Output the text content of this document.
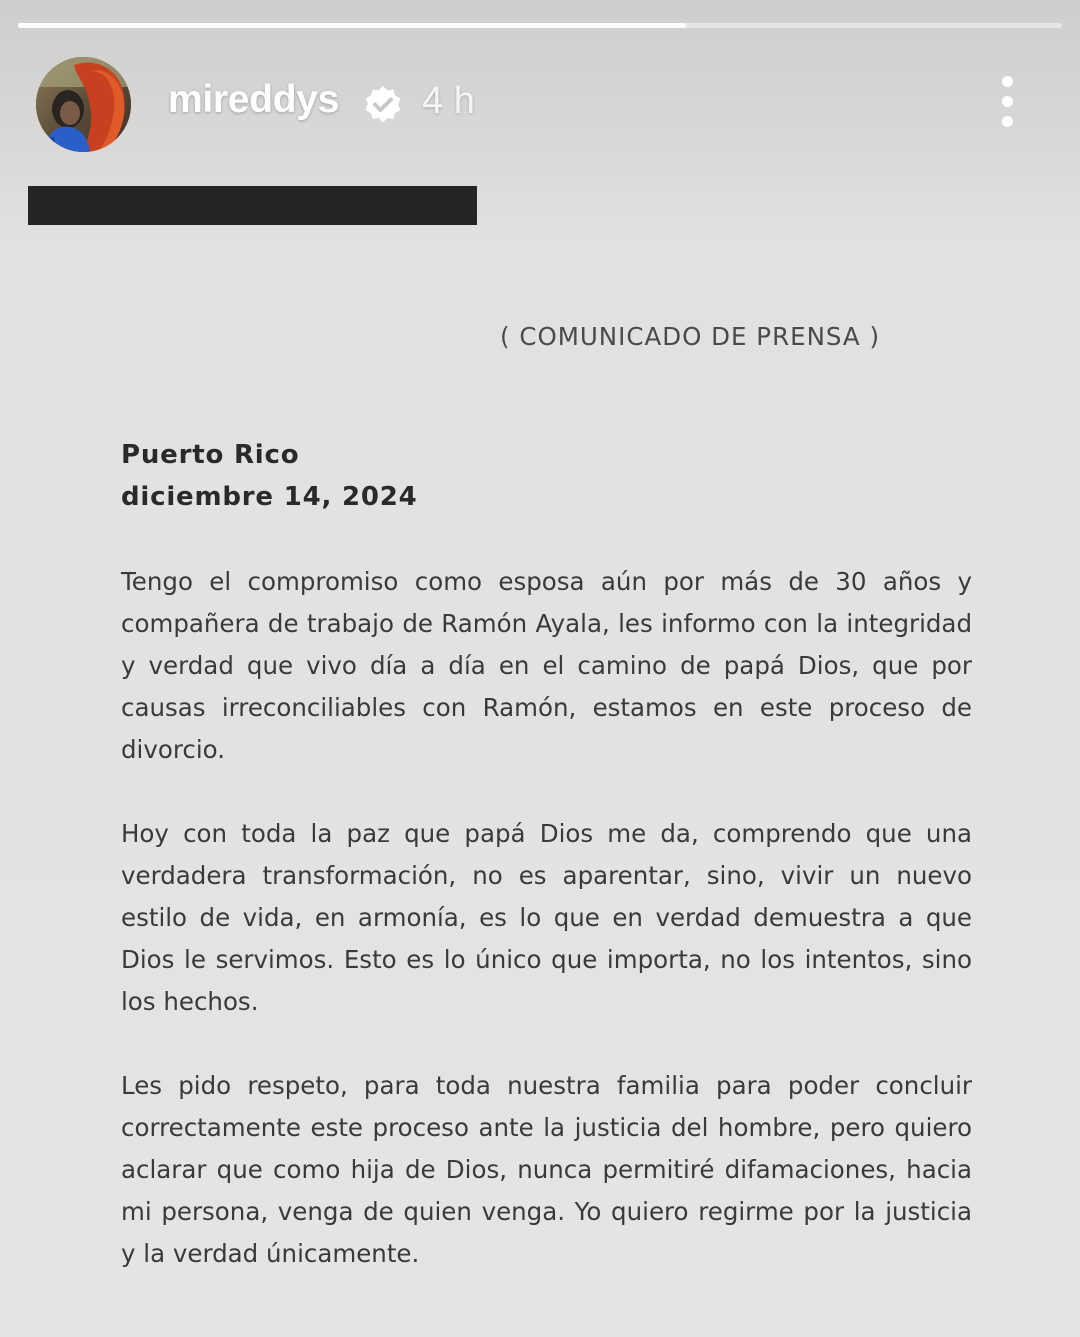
mireddys 4 h
( COMUNICADO DE PRENSA )
Puerto Rico
diciembre 14, 2024
Tengo el compromiso como esposa aún por más de 30 años y compañera de trabajo de Ramón Ayala, les informo con la integridad y verdad que vivo día a día en el camino de papá Dios, que por causas irreconciliables con Ramón, estamos en este proceso de divorcio.
Hoy con toda la paz que papá Dios me da, comprendo que una verdadera transformación, no es aparentar, sino, vivir un nuevo estilo de vida, en armonía, es lo que en verdad demuestra a que Dios le servimos. Esto es lo único que importa, no los intentos, sino los hechos.
Les pido respeto, para toda nuestra familia para poder concluir correctamente este proceso ante la justicia del hombre, pero quiero aclarar que como hija de Dios, nunca permitiré difamaciones, hacia mi persona, venga de quien venga. Yo quiero regirme por la justicia y la verdad únicamente.
